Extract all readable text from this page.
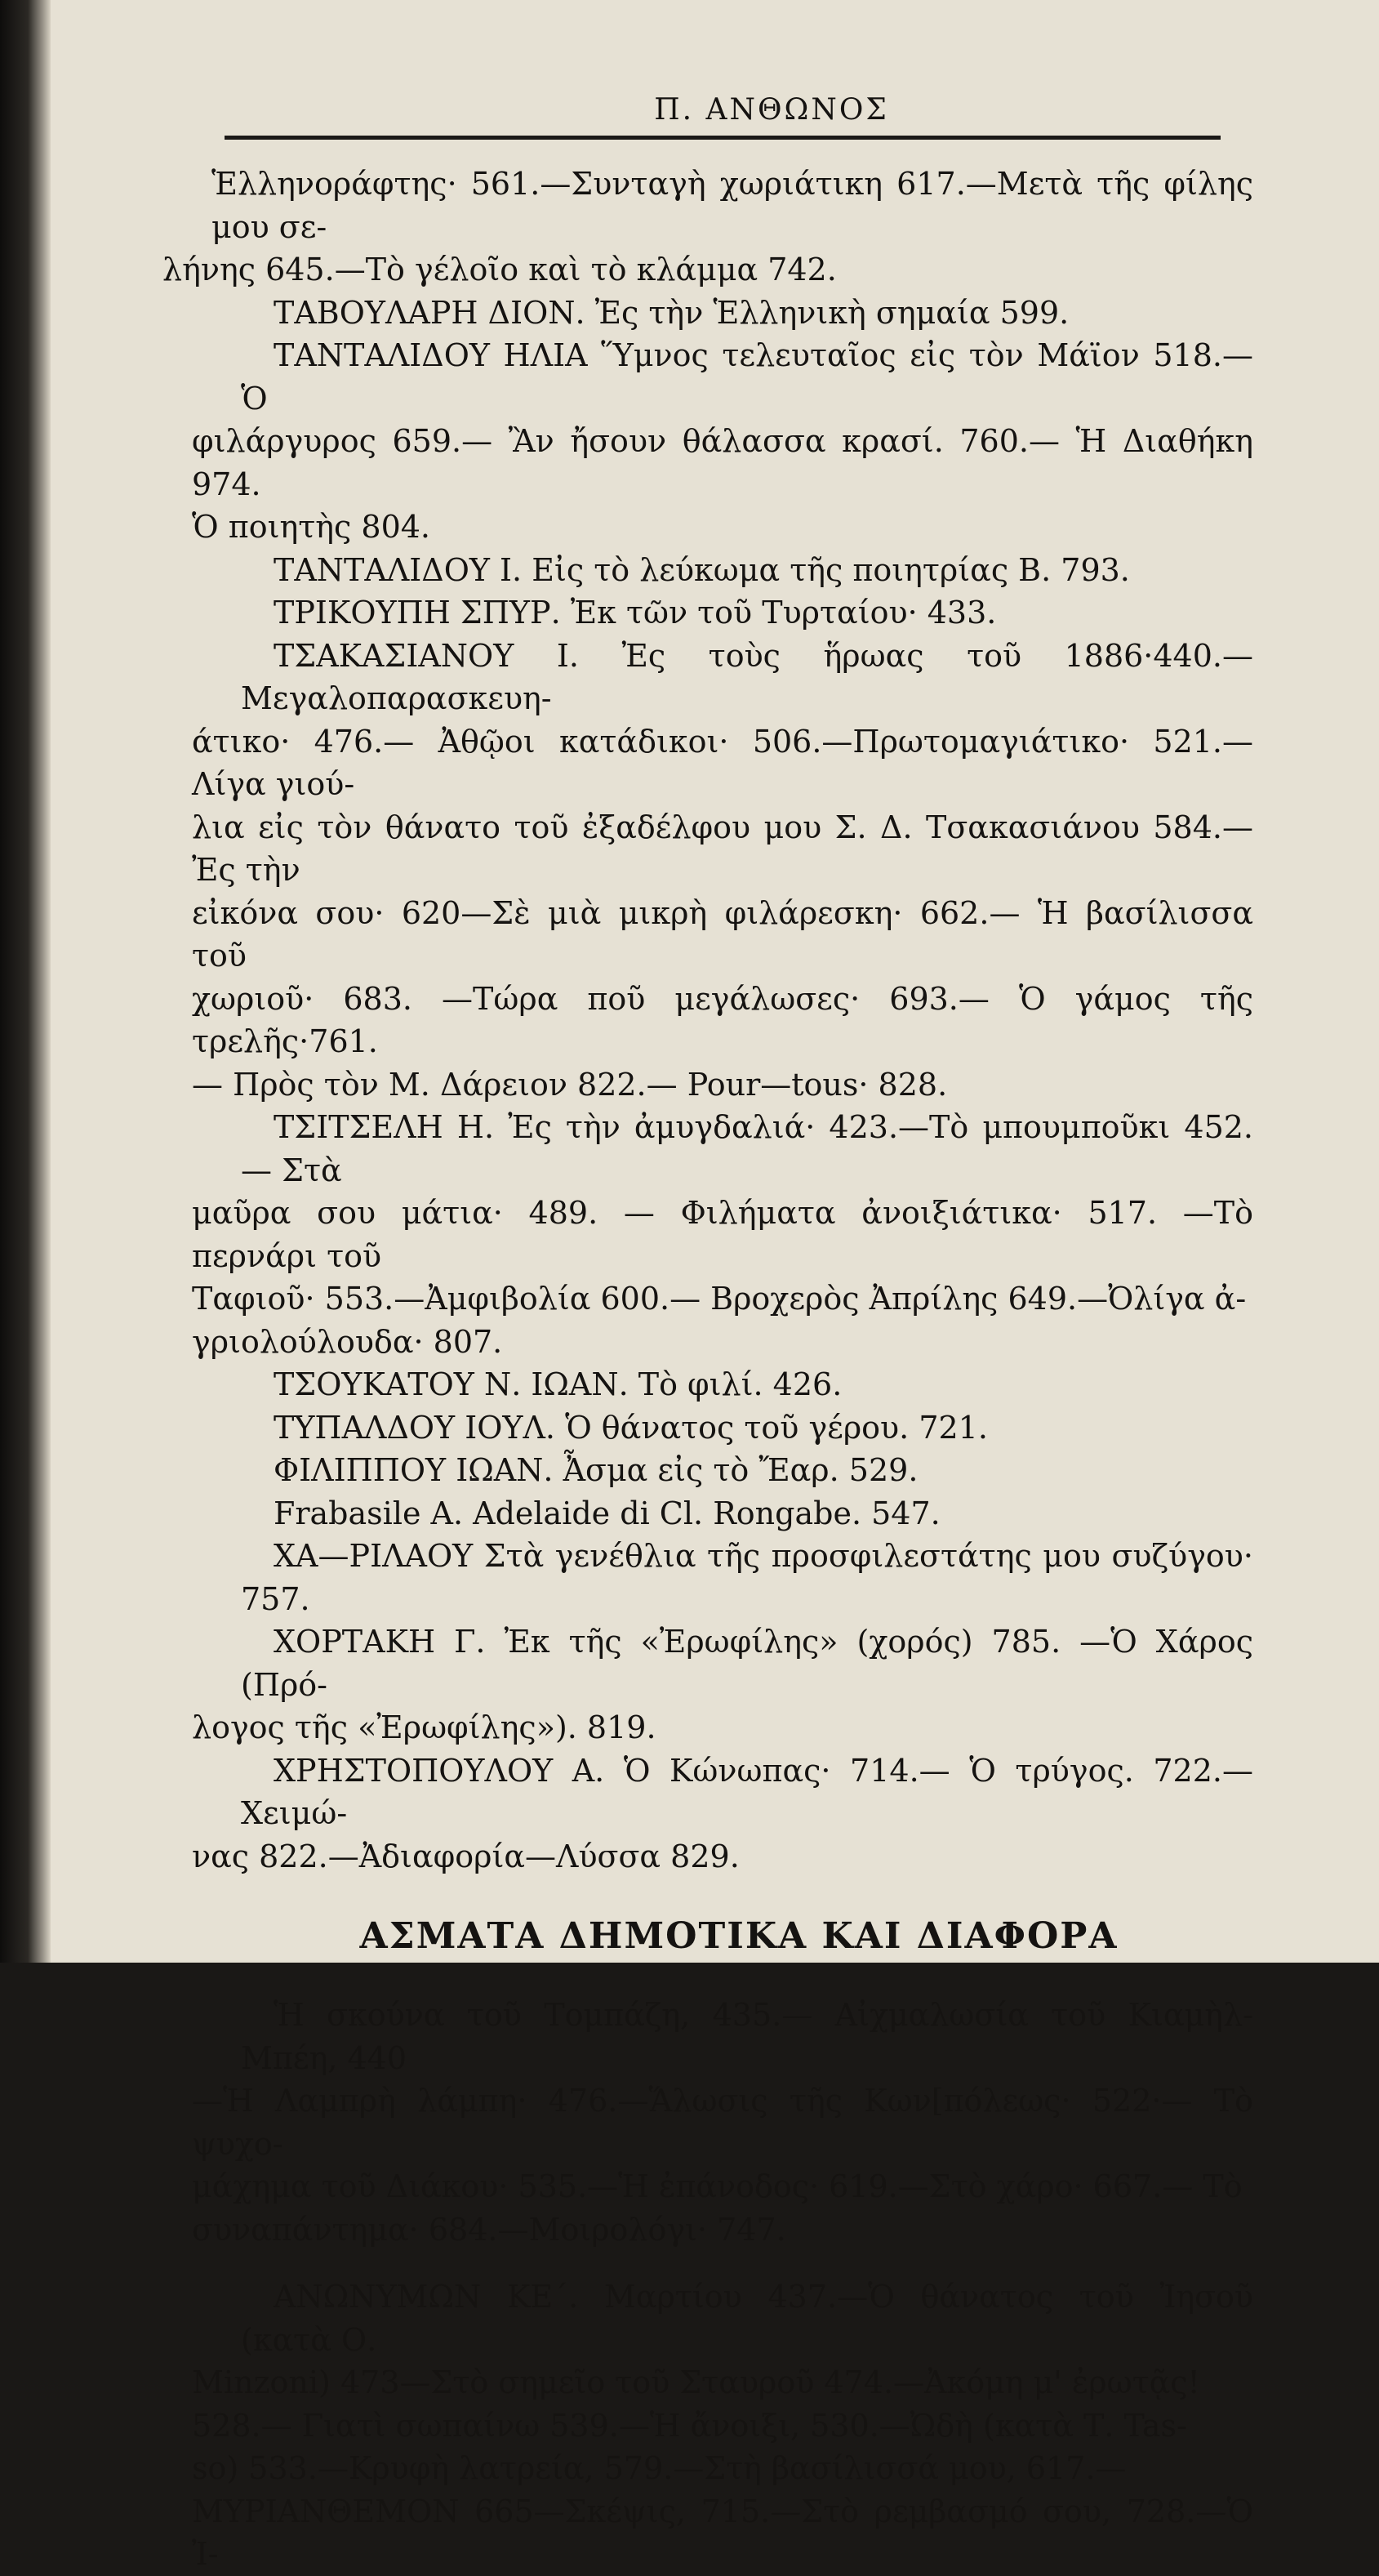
Π. ΑΝΘΩΝΟΣ

Ἑλληνοράφτης· 561.—Συνταγὴ χωριάτικη 617.—Μετὰ τῆς φίλης μου σε-

λήνης 645.—Τὸ γέλοῖο καὶ τὸ κλάμμα 742.

ΤΑΒΟΥΛΑΡΗ ΔΙΟΝ. Ἐς τὴν Ἑλληνικὴ σημαία 599.

ΤΑΝΤΑΛΙΔΟΥ ΗΛΙΑ Ὕμνος τελευταῖος εἰς τὸν Μάϊον 518.— Ὁ

φιλάργυρος 659.— Ἂν ἤσουν θάλασσα κρασί. 760.— Ἡ Διαθήκη 974.
Ὁ ποιητὴς 804.

ΤΑΝΤΑΛΙΔΟΥ Ι. Εἰς τὸ λεύκωμα τῆς ποιητρίας Β. 793.

ΤΡΙΚΟΥΠΗ ΣΠΥΡ. Ἐκ τῶν τοῦ Τυρταίου· 433.

ΤΣΑΚΑΣΙΑΝΟΥ Ι. Ἐς τοὺς ἥρωας τοῦ 1886·440.—Μεγαλοπαρασκευη-

άτικο· 476.— Ἀθῷοι κατάδικοι· 506.—Πρωτομαγιάτικο· 521.—Λίγα γιού-
λια εἰς τὸν θάνατο τοῦ ἐξαδέλφου μου Σ. Δ. Τσακασιάνου 584.— Ἐς τὴν
εἰκόνα σου· 620—Σὲ μιὰ μικρὴ φιλάρεσκη· 662.— Ἡ βασίλισσα τοῦ
χωριοῦ· 683. —Τώρα ποῦ μεγάλωσες· 693.— Ὁ γάμος τῆς τρελῆς·761.
— Πρὸς τὸν Μ. Δάρειον 822.— Pour—tous· 828.

ΤΣΙΤΣΕΛΗ Η. Ἐς τὴν ἀμυγδαλιά· 423.—Τὸ μπουμποῦκι 452.— Στὰ

μαῦρα σου μάτια· 489. — Φιλήματα ἀνοιξιάτικα· 517. —Τὸ περνάρι τοῦ
Ταφιοῦ· 553.—Ἀμφιβολία 600.— Βροχερὸς Ἀπρίλης 649.—Ὀλίγα ἀ-
γριολούλουδα· 807.

ΤΣΟΥΚΑΤΟΥ Ν. ΙΩΑΝ. Τὸ φιλί. 426.

ΤΥΠΑΛΔΟΥ ΙΟΥΛ. Ὁ θάνατος τοῦ γέρου. 721.

ΦΙΛΙΠΠΟΥ ΙΩΑΝ. Ἆσμα εἰς τὸ Ἔαρ. 529.

Frabasile A. Adelaide di Cl. Rongabe. 547.

ΧΑ—ΡΙΛΑΟΥ Στὰ γενέθλια τῆς προσφιλεστάτης μου συζύγου· 757.

ΧΟΡΤΑΚΗ Γ. Ἐκ τῆς «Ἐρωφίλης» (χορός) 785. —Ὁ Χάρος (Πρό-

λογος τῆς «Ἐρωφίλης»). 819.

ΧΡΗΣΤΟΠΟΥΛΟΥ Α. Ὁ Κώνωπας· 714.— Ὁ τρύγος. 722.— Χειμώ-

νας 822.—Ἀδιαφορία—Λύσσα 829.

ΑΣΜΑΤΑ ΔΗΜΟΤΙΚΑ ΚΑΙ ΔΙΑΦΟΡΑ

Ἡ σκούνα τοῦ Τομπάζη, 435.— Αἰχμαλωσία τοῦ Κιαμὴλ-Μπέη, 440

—Ἡ Λαμπρὴ λάμπη· 476.—Ἅλωσις τῆς Κων[πόλεως· 522·— Τὸ ψυχο-
μάχημα τοῦ Διάκου· 535.—Ἡ ἐπάνοδος· 619.—Στὸ χάρο· 667.— Τὸ
συναπάντημα· 684.—Μοιρολόγι· 747.

ΑΝΩΝΥΜΩΝ ΚΕ΄. Μαρτίου 437.—Ὁ θάνατος τοῦ Ἰησοῦ (κατὰ Ο.

Minzoni) 473—Στὸ σημεῖο τοῦ Σταυροῦ 474.—Ἀκόμη μ' ἐρωτᾷς!
528.— Γιατὶ σωπαίνω 539.—Ἡ ἄνοιξι, 530.—Ὠδὴ (κατὰ Τ. Tas-
so) 533.—Κρυφὴ λατρεία, 579.—Στὴ βασίλισσά μου, 617.—
ΜΥΡΙΑΝΘΕΜΟΝ 665—Σκέψις, 715.—Στὸ ρεμβασμό σου, 728.—Ὁ Ἰ-
